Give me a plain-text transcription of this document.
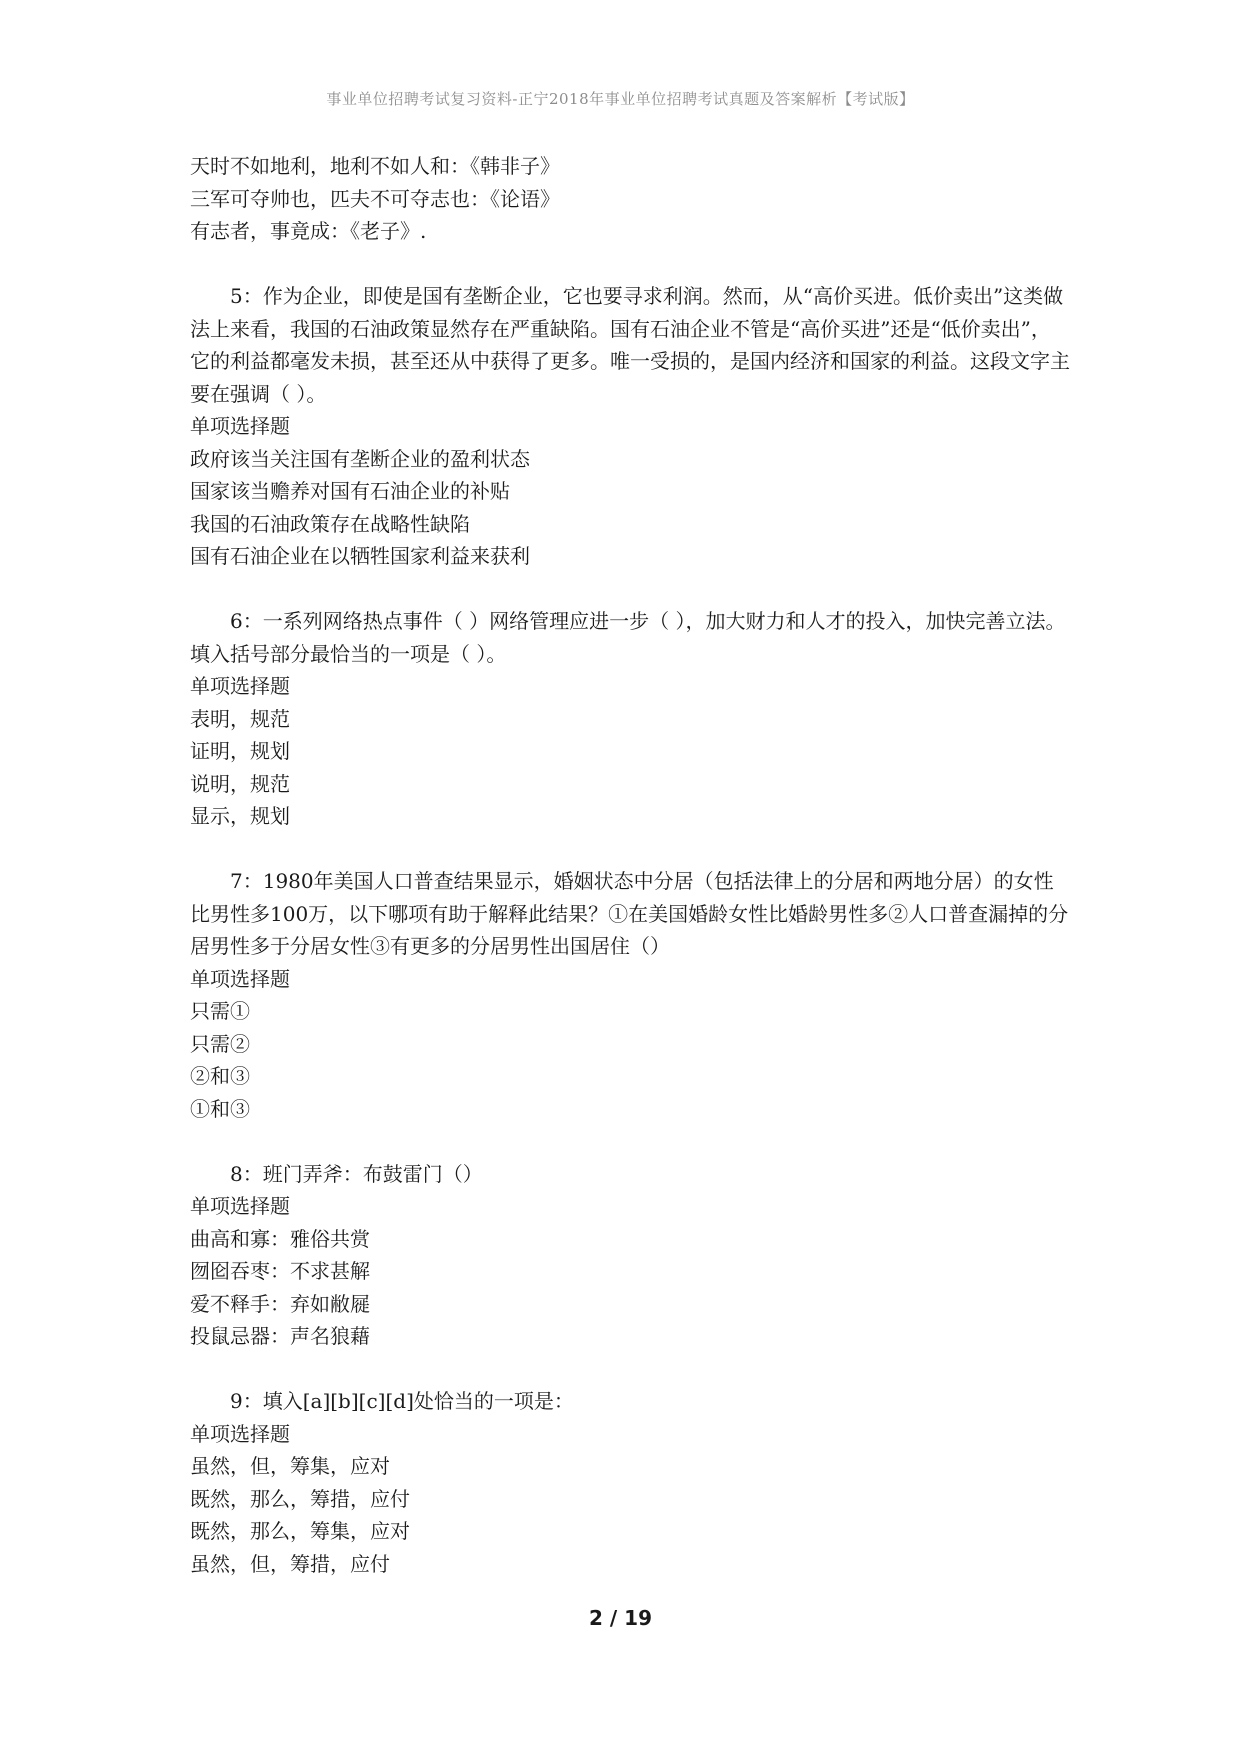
事业单位招聘考试复习资料-正宁2018年事业单位招聘考试真题及答案解析【考试版】
天时不如地利，地利不如人和：《韩非子》
三军可夺帅也，匹夫不可夺志也：《论语》
有志者，事竟成：《老子》.
5：作为企业，即使是国有垄断企业，它也要寻求利润。然而，从“高价买进。低价卖出”这类做法上来看，我国的石油政策显然存在严重缺陷。国有石油企业不管是“高价买进”还是“低价卖出”，它的利益都毫发未损，甚至还从中获得了更多。唯一受损的，是国内经济和国家的利益。这段文字主要在强调（ ）。
单项选择题
政府该当关注国有垄断企业的盈利状态
国家该当赡养对国有石油企业的补贴
我国的石油政策存在战略性缺陷
国有石油企业在以牺牲国家利益来获利
6：一系列网络热点事件（ ）网络管理应进一步（ ），加大财力和人才的投入，加快完善立法。　　填入括号部分最恰当的一项是（ ）。
单项选择题
表明，规范
证明，规划
说明，规范
显示，规划
7：1980年美国人口普查结果显示，婚姻状态中分居（包括法律上的分居和两地分居）的女性比男性多100万，以下哪项有助于解释此结果？①在美国婚龄女性比婚龄男性多②人口普查漏掉的分居男性多于分居女性③有更多的分居男性出国居住（）
单项选择题
只需①
只需②
②和③
①和③
8：班门弄斧：布鼓雷门（）
单项选择题
曲高和寡：雅俗共赏
囫囵吞枣：不求甚解
爱不释手：弃如敝屣
投鼠忌器：声名狼藉
9：填入[a][b][c][d]处恰当的一项是：
单项选择题
虽然，但，筹集，应对
既然，那么，筹措，应付
既然，那么，筹集，应对
虽然，但，筹措，应付
2 / 19
